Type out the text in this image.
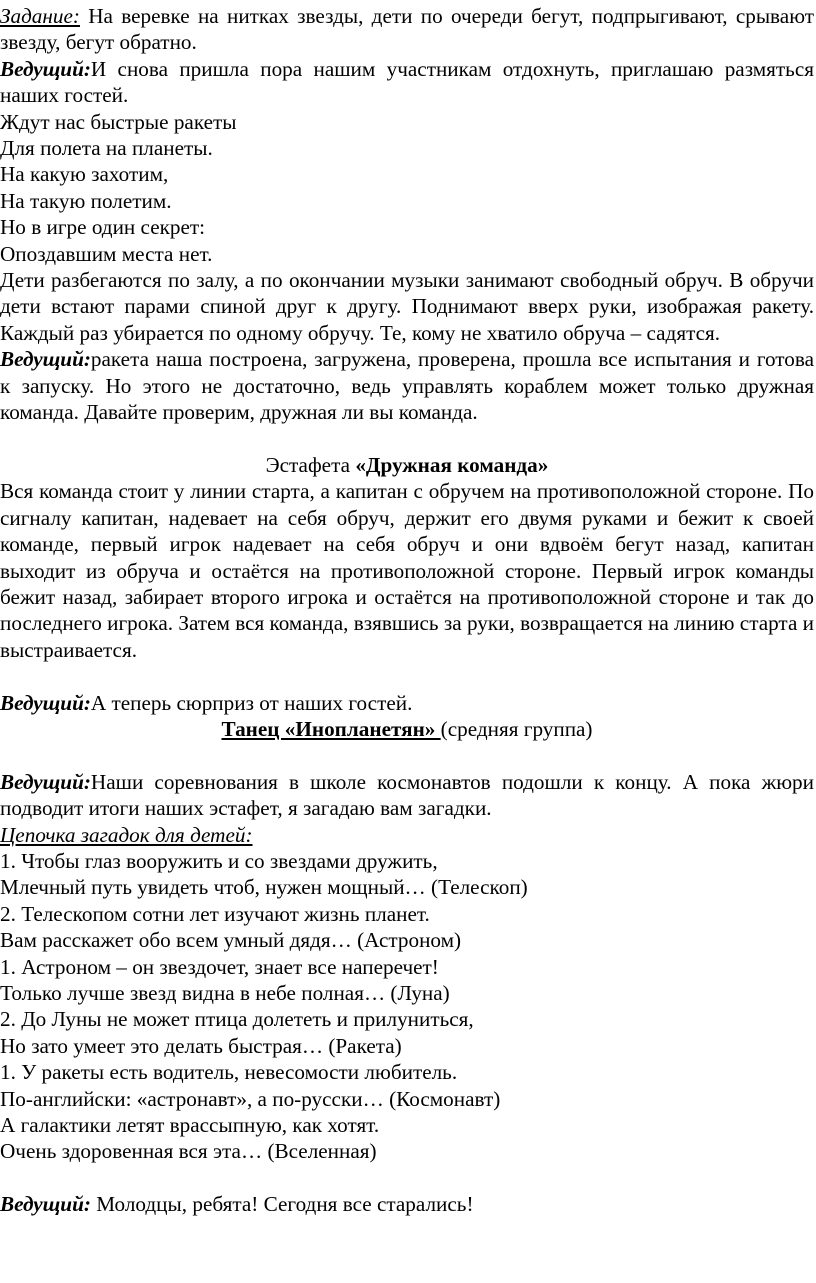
Задание: На веревке на нитках звезды, дети по очереди бегут, подпрыгивают, срывают звезду, бегут обратно.

Ведущий:И снова пришла пора нашим участникам отдохнуть, приглашаю размяться наших гостей.

Ждут нас быстрые ракеты

Для полета на планеты.

На какую захотим,

На такую полетим.

Но в игре один секрет:

Опоздавшим места нет.

Дети разбегаются по залу, а по окончании музыки занимают свободный обруч. В обручи дети встают парами спиной друг к другу. Поднимают вверх руки, изображая ракету. Каждый раз убирается по одному обручу. Те, кому не хватило обруча – садятся.

Ведущий:ракета наша построена, загружена, проверена, прошла все испытания и готова к запуску. Но этого не достаточно, ведь управлять кораблем может только дружная команда. Давайте проверим, дружная ли вы команда.

Эстафета «Дружная команда»

Вся команда стоит у линии старта, а капитан с обручем на противоположной стороне. По сигналу капитан, надевает на себя обруч, держит его двумя руками и бежит к своей команде, первый игрок надевает на себя обруч и они вдвоём бегут назад, капитан выходит из обруча и остаётся на противоположной стороне. Первый игрок команды бежит назад, забирает второго игрока и остаётся на противоположной стороне и так до последнего игрока. Затем вся команда, взявшись за руки, возвращается на линию старта и выстраивается.

Ведущий:А теперь сюрприз от наших гостей.

Танец «Инопланетян» (средняя группа)

Ведущий:Наши соревнования в школе космонавтов подошли к концу. А пока жюри подводит итоги наших эстафет, я загадаю вам загадки.

Цепочка загадок для детей:

1. Чтобы глаз вооружить и со звездами дружить,

Млечный путь увидеть чтоб, нужен мощный… (Телескоп)

2. Телескопом сотни лет изучают жизнь планет.

Вам расскажет обо всем умный дядя… (Астроном)

1. Астроном – он звездочет, знает все наперечет!

Только лучше звезд видна в небе полная… (Луна)

2. До Луны не может птица долететь и прилуниться,

Но зато умеет это делать быстрая… (Ракета)

1. У ракеты есть водитель, невесомости любитель.

По-английски: «астронавт», а по-русски… (Космонавт)

А галактики летят врассыпную, как хотят.

Очень здоровенная вся эта… (Вселенная)

Ведущий: Молодцы, ребята! Сегодня все старались!
